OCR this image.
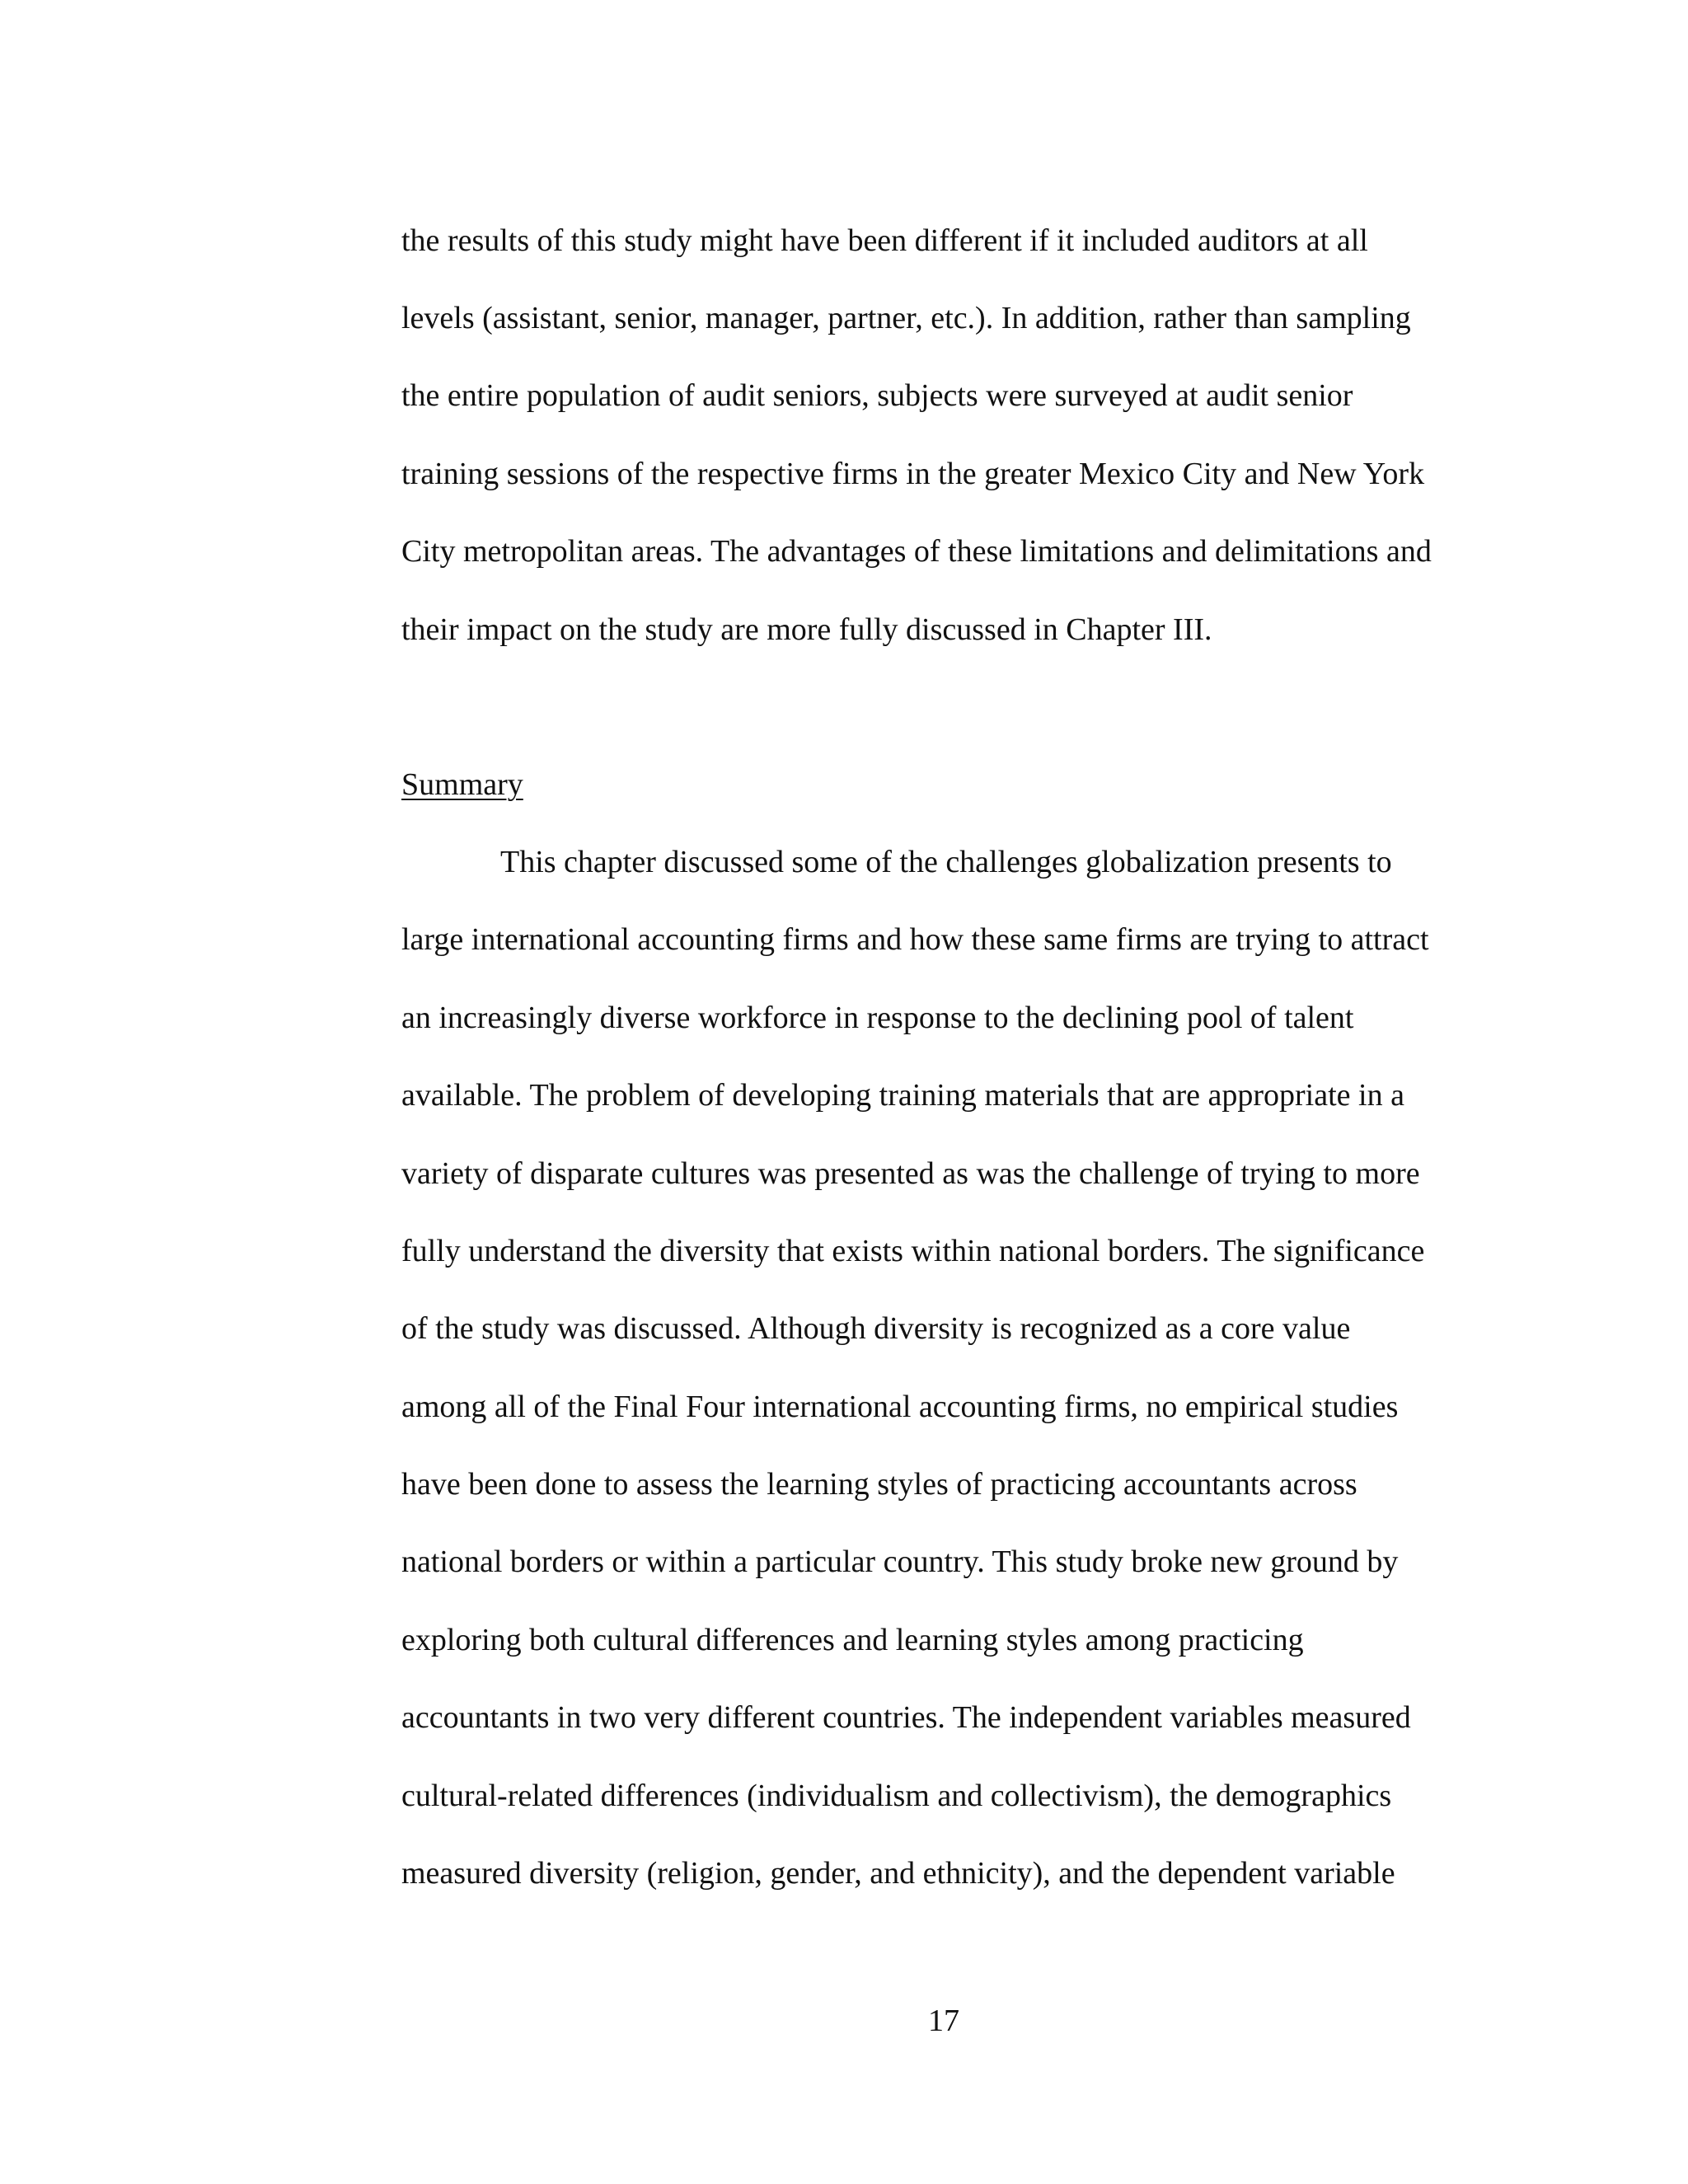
the results of this study might have been different if it included auditors at all
levels (assistant, senior, manager, partner, etc.). In addition, rather than sampling
the entire population of audit seniors, subjects were surveyed at audit senior
training sessions of the respective firms in the greater Mexico City and New York
City metropolitan areas. The advantages of these limitations and delimitations and
their impact on the study are more fully discussed in Chapter III.
Summary
This chapter discussed some of the challenges globalization presents to
large international accounting firms and how these same firms are trying to attract
an increasingly diverse workforce in response to the declining pool of talent
available. The problem of developing training materials that are appropriate in a
variety of disparate cultures was presented as was the challenge of trying to more
fully understand the diversity that exists within national borders. The significance
of the study was discussed. Although diversity is recognized as a core value
among all of the Final Four international accounting firms, no empirical studies
have been done to assess the learning styles of practicing accountants across
national borders or within a particular country. This study broke new ground by
exploring both cultural differences and learning styles among practicing
accountants in two very different countries. The independent variables measured
cultural-related differences (individualism and collectivism), the demographics
measured diversity (religion, gender, and ethnicity), and the dependent variable
17
